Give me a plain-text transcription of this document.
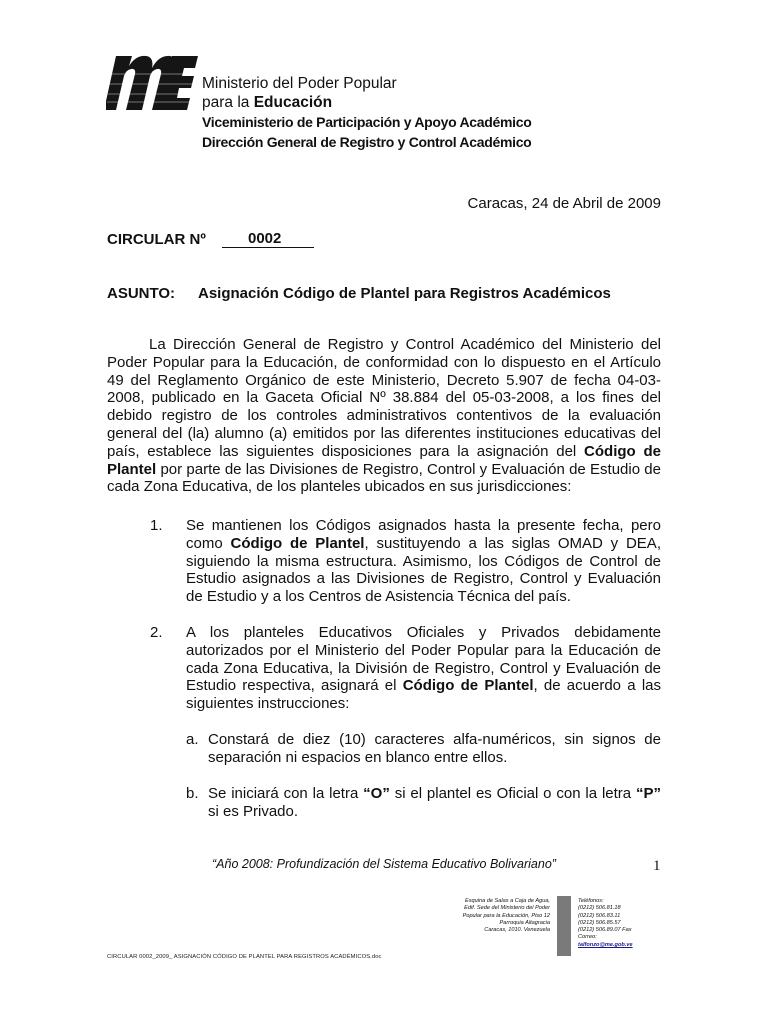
Ministerio del Poder Popular
para la Educación
Viceministerio de Participación y Apoyo Académico
Dirección General de Registro y Control Académico
Caracas, 24 de Abril de 2009
CIRCULAR Nº	0002
ASUNTO: Asignación Código de Plantel para Registros Académicos
La Dirección General de Registro y Control Académico del Ministerio del Poder Popular para la Educación, de conformidad con lo dispuesto en el Artículo 49 del Reglamento Orgánico de este Ministerio, Decreto 5.907 de fecha 04-03-2008, publicado en la Gaceta Oficial Nº 38.884 del 05-03-2008, a los fines del debido registro de los controles administrativos contentivos de la evaluación general del (la) alumno (a) emitidos por las diferentes instituciones educativas del país, establece las siguientes disposiciones para la asignación del Código de Plantel por parte de las Divisiones de Registro, Control y Evaluación de Estudio de cada Zona Educativa, de los planteles ubicados en sus jurisdicciones:
1. Se mantienen los Códigos asignados hasta la presente fecha, pero como Código de Plantel, sustituyendo a las siglas OMAD y DEA, siguiendo la misma estructura. Asimismo, los Códigos de Control de Estudio asignados a las Divisiones de Registro, Control y Evaluación de Estudio y a los Centros de Asistencia Técnica del país.
2. A los planteles Educativos Oficiales y Privados debidamente autorizados por el Ministerio del Poder Popular para la Educación de cada Zona Educativa, la División de Registro, Control y Evaluación de Estudio respectiva, asignará el Código de Plantel, de acuerdo a las siguientes instrucciones:
a. Constará de diez (10) caracteres alfa-numéricos, sin signos de separación ni espacios en blanco entre ellos.
b. Se iniciará con la letra “O” si el plantel es Oficial o con la letra “P” si es Privado.
“Año 2008: Profundización del Sistema Educativo Bolivariano”	1
Esquina de Salas a Caja de Agua,
Edif. Sede del Ministerio del Poder
Popular para la Educación, Piso 12
Parroquia Altagracia
Caracas, 1010. Venezuela
Teléfonos:
(0212) 506.81.18
(0212) 506.83.11
(0212) 506.85.57
(0212) 506.89.07 Fax
Correo:
talfonzo@me.gob.ve
CIRCULAR 0002_2009_ ASIGNACIÓN CÓDIGO DE PLANTEL PARA REGISTROS ACADÉMICOS.doc
